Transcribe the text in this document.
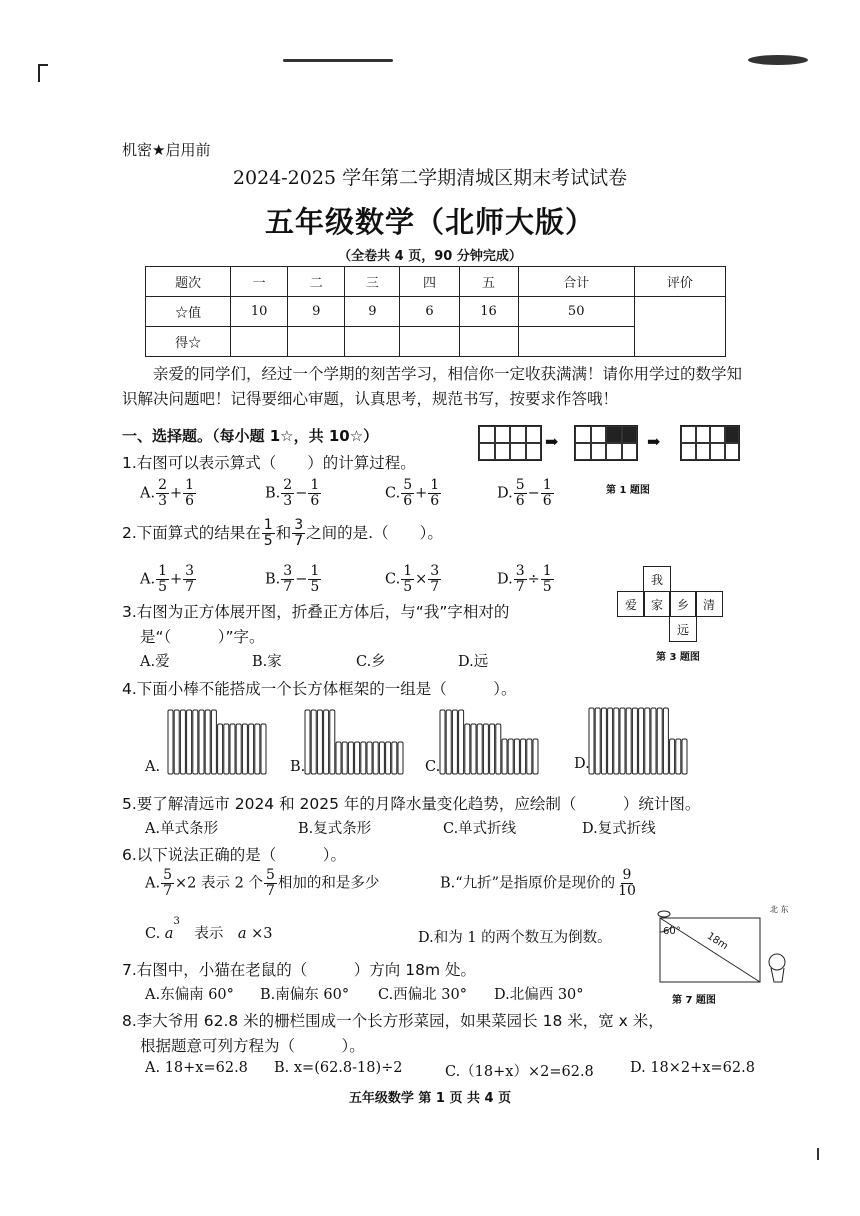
机密★启用前
2024-2025 学年第二学期清城区期末考试试卷
五年级数学（北师大版）
（全卷共 4 页，90 分钟完成）
题次	一	二	三	四	五	合计	评价
☆值	10	9	9	6	16	50	
得☆							
亲爱的同学们，经过一个学期的刻苦学习，相信你一定收获满满！请你用学过的数学知识解决问题吧！记得要细心审题，认真思考，规范书写，按要求作答哦！
一、选择题。（每小题 1☆，共 10☆）	➡	➡
第 1 题图
1.右图可以表示算式（　　）的计算过程。
A. $\frac{2}{3} + \frac{1}{6}$	B. $\frac{2}{3} - \frac{1}{6}$	C. $\frac{5}{6} + \frac{1}{6}$	D. $\frac{5}{6} - \frac{1}{6}$
2.下面算式的结果在 $\frac{1}{5}$ 和 $\frac{3}{7}$ 之间的是.（　　）。
A. $\frac{1}{5} + \frac{3}{7}$	B. $\frac{3}{7} - \frac{1}{5}$	C. $\frac{1}{5} \times \frac{3}{7}$	D. $\frac{3}{7} \div \frac{1}{5}$	我
爱	家	乡	清
远
第 3 题图
3.右图为正方体展开图，折叠正方体后，与“我”字相对的
是“（　　　）”字。
A.爱	B.家	C.乡	D.远
4.下面小棒不能搭成一个长方体框架的一组是（　　　）。
A.	B.	C.	D.
5.要了解清远市 2024 和 2025 年的月降水量变化趋势，应绘制（　　　）统计图。
A.单式条形	B.复式条形	C.单式折线	D.复式折线
6.以下说法正确的是（　　　）。
A. $\frac{5}{7} \times 2$ 表示 2 个 $\frac{5}{7}$ 相加的和是多少	B.“九折”是指原价是现价的 $\frac{9}{10}$
C. $a^3$　表示　 a ×3	D.和为 1 的两个数互为倒数。	60° 18m
北 东
第 7 题图
7.右图中，小猫在老鼠的（　　　）方向 18m 处。
A.东偏南 60° B.南偏东 60° C.西偏北 30° D.北偏西 30°
8.李大爷用 62.8 米的栅栏围成一个长方形菜园，如果菜园长 18 米，宽 x 米，
根据题意可列方程为（　　　）。
A. 18+x=62.8 B. x=(62.8-18)÷2	C.（18+x）×2=62.8 D. 18×2+x=62.8
五年级数学 第 1 页 共 4 页
